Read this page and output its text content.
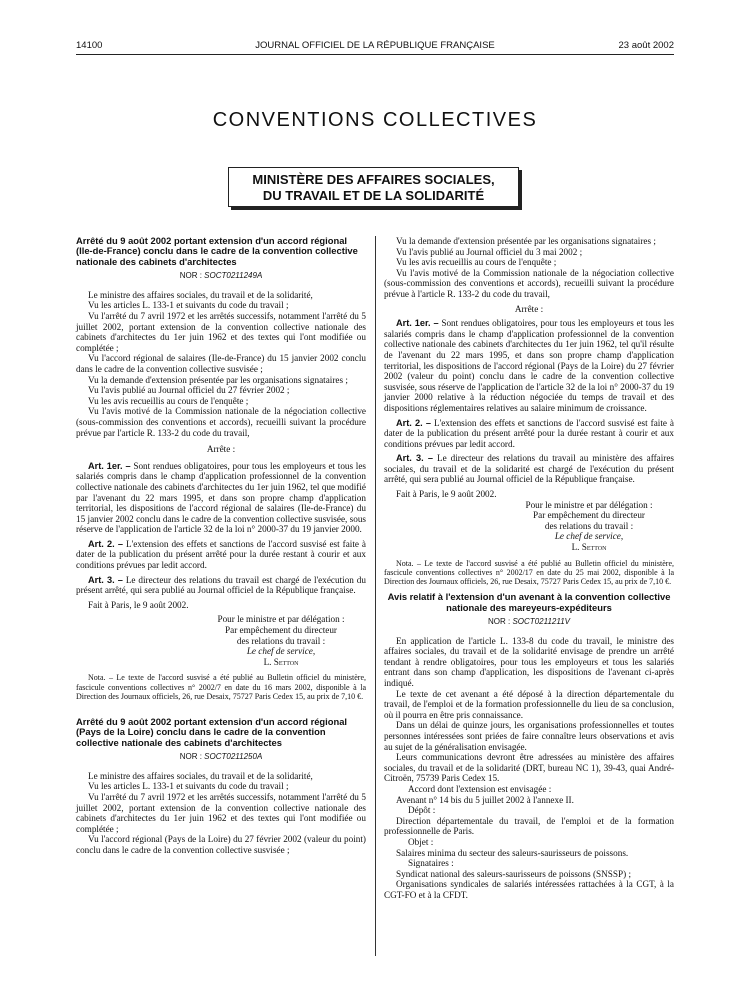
14100	JOURNAL OFFICIEL DE LA RÉPUBLIQUE FRANÇAISE	23 août 2002
CONVENTIONS COLLECTIVES
MINISTÈRE DES AFFAIRES SOCIALES,
DU TRAVAIL ET DE LA SOLIDARITÉ

Arrêté du 9 août 2002 portant extension d'un accord régional (Ile-de-France) conclu dans le cadre de la convention collective nationale des cabinets d'architectes

NOR : SOCT0211249A

Le ministre des affaires sociales, du travail et de la solidarité,

Vu les articles L. 133-1 et suivants du code du travail ;

Vu l'arrêté du 7 avril 1972 et les arrêtés successifs, notamment l'arrêté du 5 juillet 2002, portant extension de la convention collective nationale des cabinets d'architectes du 1er juin 1962 et des textes qui l'ont modifiée ou complétée ;

Vu l'accord régional de salaires (Ile-de-France) du 15 janvier 2002 conclu dans le cadre de la convention collective susvisée ;

Vu la demande d'extension présentée par les organisations signataires ;

Vu l'avis publié au Journal officiel du 27 février 2002 ;

Vu les avis recueillis au cours de l'enquête ;

Vu l'avis motivé de la Commission nationale de la négociation collective (sous-commission des conventions et accords), recueilli suivant la procédure prévue par l'article R. 133-2 du code du travail,

Arrête :

Art. 1er. – Sont rendues obligatoires, pour tous les employeurs et tous les salariés compris dans le champ d'application professionnel de la convention collective nationale des cabinets d'architectes du 1er juin 1962, tel que modifié par l'avenant du 22 mars 1995, et dans son propre champ d'application territorial, les dispositions de l'accord régional de salaires (Ile-de-France) du 15 janvier 2002 conclu dans le cadre de la convention collective susvisée, sous réserve de l'application de l'article 32 de la loi n° 2000-37 du 19 janvier 2000.

Art. 2. – L'extension des effets et sanctions de l'accord susvisé est faite à dater de la publication du présent arrêté pour la durée restant à courir et aux conditions prévues par ledit accord.

Art. 3. – Le directeur des relations du travail est chargé de l'exécution du présent arrêté, qui sera publié au Journal officiel de la République française.

Fait à Paris, le 9 août 2002.

Pour le ministre et par délégation :

Par empêchement du directeur

des relations du travail :

Le chef de service,

L. Setton

Nota. – Le texte de l'accord susvisé a été publié au Bulletin officiel du ministère, fascicule conventions collectives n° 2002/7 en date du 16 mars 2002, disponible à la Direction des Journaux officiels, 26, rue Desaix, 75727 Paris Cedex 15, au prix de 7,10 €.

Arrêté du 9 août 2002 portant extension d'un accord régional (Pays de la Loire) conclu dans le cadre de la convention collective nationale des cabinets d'architectes

NOR : SOCT0211250A

Le ministre des affaires sociales, du travail et de la solidarité,

Vu les articles L. 133-1 et suivants du code du travail ;

Vu l'arrêté du 7 avril 1972 et les arrêtés successifs, notamment l'arrêté du 5 juillet 2002, portant extension de la convention collective nationale des cabinets d'architectes du 1er juin 1962 et des textes qui l'ont modifiée ou complétée ;

Vu l'accord régional (Pays de la Loire) du 27 février 2002 (valeur du point) conclu dans le cadre de la convention collective susvisée ;

Vu la demande d'extension présentée par les organisations signataires ;

Vu l'avis publié au Journal officiel du 3 mai 2002 ;

Vu les avis recueillis au cours de l'enquête ;

Vu l'avis motivé de la Commission nationale de la négociation collective (sous-commission des conventions et accords), recueilli suivant la procédure prévue à l'article R. 133-2 du code du travail,

Arrête :

Art. 1er. – Sont rendues obligatoires, pour tous les employeurs et tous les salariés compris dans le champ d'application professionnel de la convention collective nationale des cabinets d'architectes du 1er juin 1962, tel qu'il résulte de l'avenant du 22 mars 1995, et dans son propre champ d'application territorial, les dispositions de l'accord régional (Pays de la Loire) du 27 février 2002 (valeur du point) conclu dans le cadre de la convention collective susvisée, sous réserve de l'application de l'article 32 de la loi n° 2000-37 du 19 janvier 2000 relative à la réduction négociée du temps de travail et des dispositions réglementaires relatives au salaire minimum de croissance.

Art. 2. – L'extension des effets et sanctions de l'accord susvisé est faite à dater de la publication du présent arrêté pour la durée restant à courir et aux conditions prévues par ledit accord.

Art. 3. – Le directeur des relations du travail au ministère des affaires sociales, du travail et de la solidarité est chargé de l'exécution du présent arrêté, qui sera publié au Journal officiel de la République française.

Fait à Paris, le 9 août 2002.

Pour le ministre et par délégation :

Par empêchement du directeur

des relations du travail :

Le chef de service,

L. Setton

Nota. – Le texte de l'accord susvisé a été publié au Bulletin officiel du ministère, fascicule conventions collectives n° 2002/17 en date du 25 mai 2002, disponible à la Direction des Journaux officiels, 26, rue Desaix, 75727 Paris Cedex 15, au prix de 7,10 €.

Avis relatif à l'extension d'un avenant à la convention collective nationale des mareyeurs-expéditeurs

NOR : SOCT0211211V

En application de l'article L. 133-8 du code du travail, le ministre des affaires sociales, du travail et de la solidarité envisage de prendre un arrêté tendant à rendre obligatoires, pour tous les employeurs et tous les salariés entrant dans son champ d'application, les dispositions de l'avenant ci-après indiqué.

Le texte de cet avenant a été déposé à la direction départementale du travail, de l'emploi et de la formation professionnelle du lieu de sa conclusion, où il pourra en être pris connaissance.

Dans un délai de quinze jours, les organisations professionnelles et toutes personnes intéressées sont priées de faire connaître leurs observations et avis au sujet de la généralisation envisagée.

Leurs communications devront être adressées au ministère des affaires sociales, du travail et de la solidarité (DRT, bureau NC 1), 39-43, quai André-Citroën, 75739 Paris Cedex 15.

Accord dont l'extension est envisagée :

Avenant n° 14 bis du 5 juillet 2002 à l'annexe II.

Dépôt :

Direction départementale du travail, de l'emploi et de la formation professionnelle de Paris.

Objet :

Salaires minima du secteur des saleurs-saurisseurs de poissons.

Signataires :

Syndicat national des saleurs-saurisseurs de poissons (SNSSP) ;

Organisations syndicales de salariés intéressées rattachées à la CGT, à la CGT-FO et à la CFDT.
